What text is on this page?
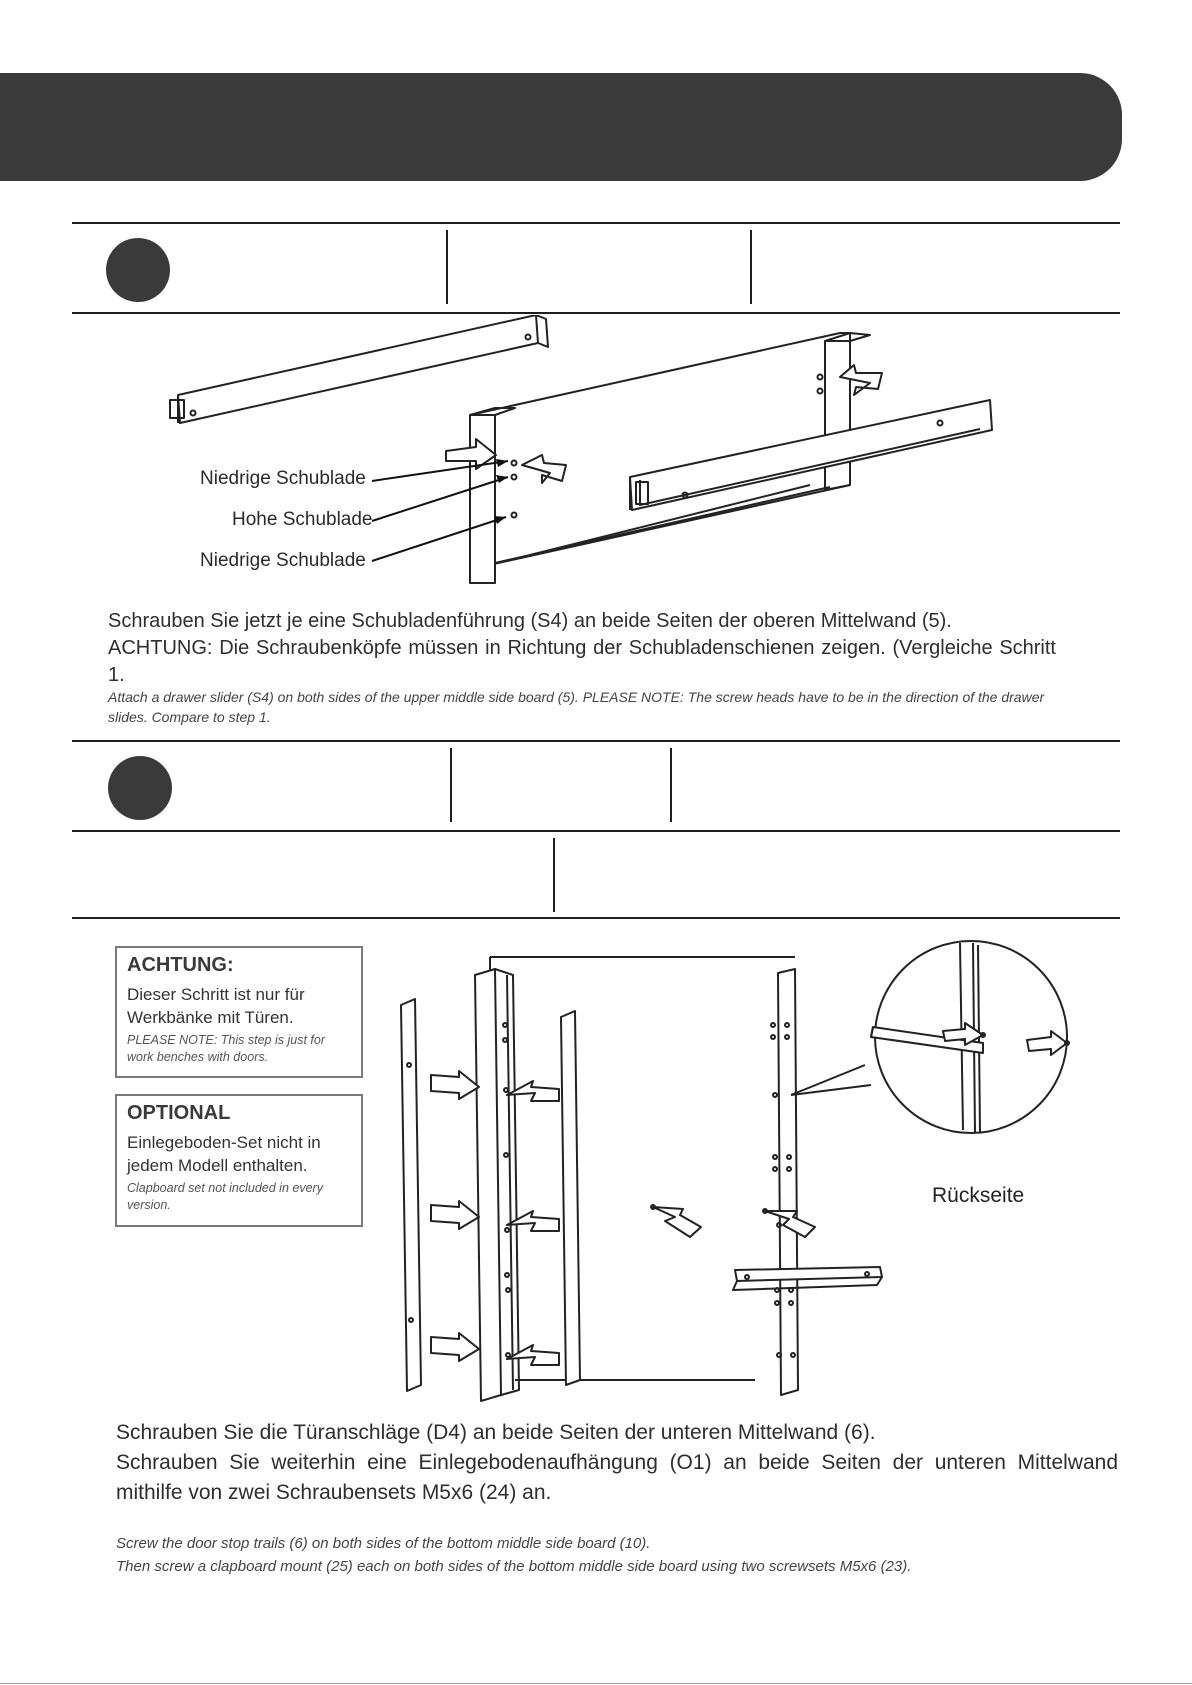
Niedrige Schublade
Hohe Schublade
Niedrige Schublade
Schrauben Sie jetzt je eine Schubladenführung (S4) an beide Seiten der oberen Mittelwand (5).
ACHTUNG: Die Schraubenköpfe müssen in Richtung der Schubladenschienen zeigen. (Vergleiche Schritt 1.
Attach a drawer slider (S4) on both sides of the upper middle side board (5). PLEASE NOTE: The screw heads have to be in the direction of the drawer slides. Compare to step 1.
ACHTUNG:
Dieser Schritt ist nur für Werkbänke mit Türen.
PLEASE NOTE: This step is just for work benches with doors.
OPTIONAL
Einlegeboden-Set nicht in jedem Modell enthalten.
Clapboard set not included in every version.	Rückseite
Schrauben Sie die Türanschläge (D4) an beide Seiten der unteren Mittelwand (6).
Schrauben Sie weiterhin eine Einlegebodenaufhängung (O1) an beide Seiten der unteren Mittelwand mithilfe von zwei Schraubensets M5x6 (24) an.
Screw the door stop trails (6) on both sides of the bottom middle side board (10).
Then screw a clapboard mount (25) each on both sides of the bottom middle side board using two screwsets M5x6 (23).
